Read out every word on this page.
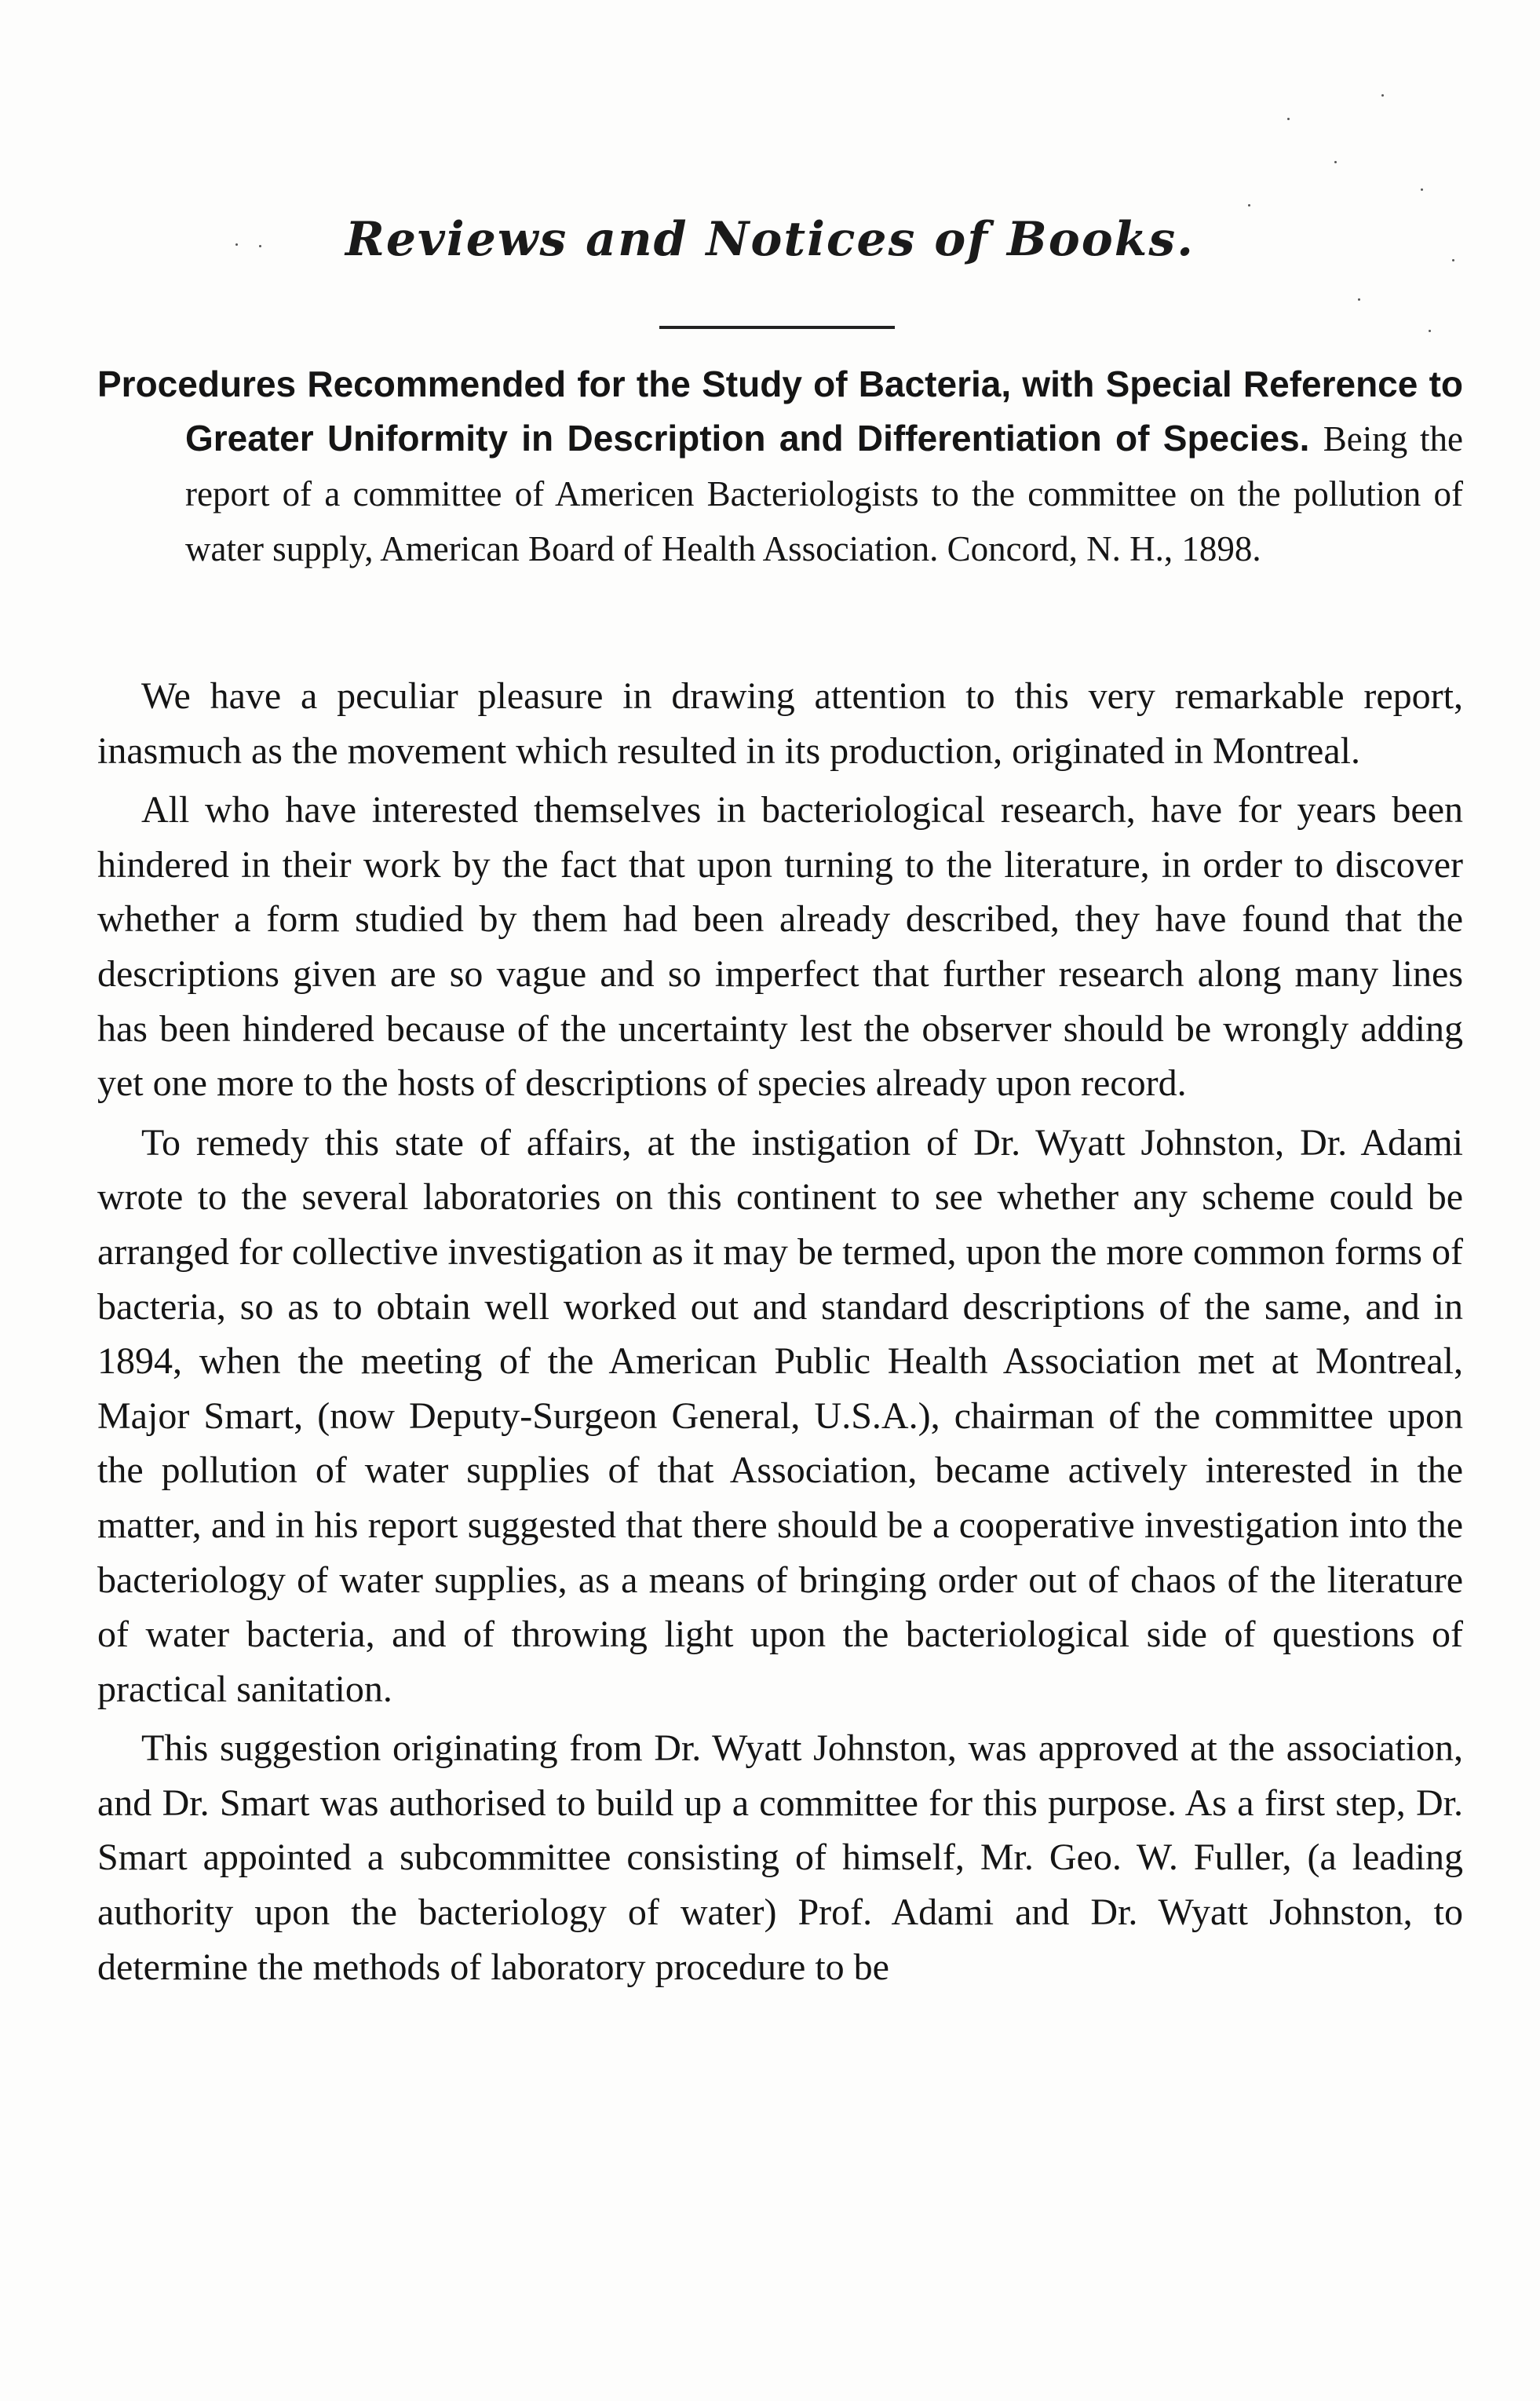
Reviews and Notices of Books.
Procedures Recommended for the Study of Bacteria, with Special Reference to Greater Uniformity in Description and Differentiation of Species. Being the report of a committee of Americen Bacteriologists to the committee on the pollution of water supply, American Board of Health Association. Concord, N. H., 1898.

We have a peculiar pleasure in drawing attention to this very remarkable report, inasmuch as the movement which resulted in its production, originated in Montreal.

All who have interested themselves in bacteriological research, have for years been hindered in their work by the fact that upon turning to the literature, in order to discover whether a form studied by them had been already described, they have found that the descriptions given are so vague and so imperfect that further research along many lines has been hindered because of the uncertainty lest the observer should be wrongly adding yet one more to the hosts of descriptions of species already upon record.

To remedy this state of affairs, at the instigation of Dr. Wyatt Johnston, Dr. Adami wrote to the several laboratories on this continent to see whether any scheme could be arranged for collective investigation as it may be termed, upon the more common forms of bacteria, so as to obtain well worked out and standard descriptions of the same, and in 1894, when the meeting of the American Public Health Association met at Montreal, Major Smart, (now Deputy-Surgeon General, U.S.A.), chairman of the committee upon the pollution of water supplies of that Association, became actively interested in the matter, and in his report suggested that there should be a cooperative investigation into the bacteriology of water supplies, as a means of bringing order out of chaos of the literature of water bacteria, and of throwing light upon the bacteriological side of questions of practical sanitation.

This suggestion originating from Dr. Wyatt Johnston, was approved at the association, and Dr. Smart was authorised to build up a committee for this purpose. As a first step, Dr. Smart appointed a subcommittee consisting of himself, Mr. Geo. W. Fuller, (a leading authority upon the bacteriology of water) Prof. Adami and Dr. Wyatt Johnston, to determine the methods of laboratory procedure to be
